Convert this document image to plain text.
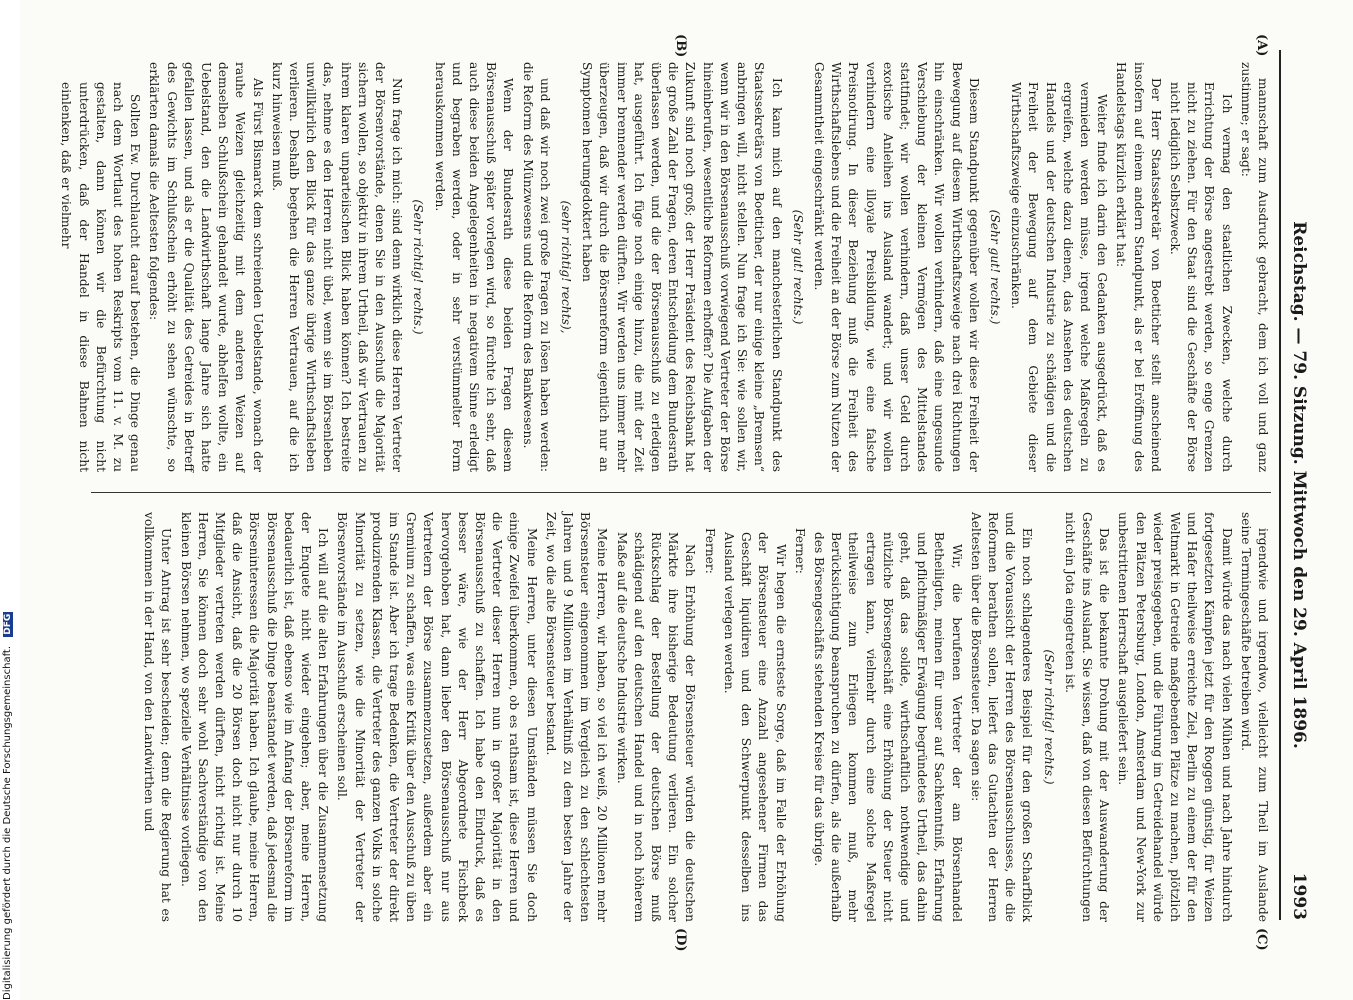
Reichstag. — 79. Sitzung. Mittwoch den 29. April 1896.
1993
(A)
(B)
(C)
(D)

mannschaft zum Ausdruck gebracht, dem ich voll und ganz zustimme; er sagt:

Ich vermag den staatlichen Zwecken, welche durch Errichtung der Börse angestrebt werden, so enge Grenzen nicht zu ziehen. Für den Staat sind die Geschäfte der Börse nicht lediglich Selbstzweck.

Der Herr Staatssekretär von Boetticher stellt anscheinend insofern auf einem andern Standpunkt, als er bei Eröffnung des Handelstags kürzlich erklärt hat:

Weiter finde ich darin den Gedanken ausgedrückt, daß es vermieden werden müsse, irgend welche Maßregeln zu ergreifen, welche dazu dienen, das Ansehen des deutschen Handels und der deutschen Industrie zu schädigen und die Freiheit der Bewegung auf dem Gebiete dieser Wirthschaftszweige einzuschränken.

(Sehr gut! rechts.)

Diesem Standpunkt gegenüber wollen wir diese Freiheit der Bewegung auf diesem Wirthschaftszweige nach drei Richtungen hin einschränken. Wir wollen verhindern, daß eine ungesunde Verschiebung der kleinen Vermögen des Mittelstandes stattfindet; wir wollen verhindern, daß unser Geld durch exotische Anleihen ins Ausland wandert; und wir wollen verhindern eine illoyale Preisbildung, wie eine falsche Preisnotirung. In dieser Beziehung muß die Freiheit des Wirthschaftslebens und die Freiheit an der Börse zum Nutzen der Gesammtheit eingeschränkt werden.

(Sehr gut! rechts.)

Ich kann mich auf den manchesterlichen Standpunkt des Staatssekretärs von Boetticher, der nur einige kleine „Bremsen“ anbringen will, nicht stellen. Nun frage ich Sie: wie sollen wir, wenn wir in den Börsenausschuß vorwiegend Vertreter der Börse hineinberufen, wesentliche Reformen erhoffen? Die Aufgaben der Zukunft sind noch groß; der Herr Präsident des Reichsbank hat die große Zahl der Fragen, deren Entscheidung dem Bundesrath überlassen werden, und die der Börsenausschuß zu erledigen hat, ausgeführt. Ich füge noch einige hinzu, die mit der Zeit immer brennender werden dürften. Wir werden uns immer mehr überzeugen, daß wir durch die Börsenreform eigentlich nur an Symptomen herumgedoktert haben

(sehr richtig! rechts),

und daß wir noch zwei große Fragen zu lösen haben werden: die Reform des Münzwesens und die Reform des Bankwesens.

Wenn der Bundesrath diese beiden Fragen diesem Börsenausschuß später vorlegen wird, so fürchte ich sehr, daß auch diese beiden Angelegenheiten in negativem Sinne erledigt und begraben werden, oder in sehr verstümmelter Form herauskommen werden.

(Sehr richtig! rechts.)

Nun frage ich mich: sind denn wirklich diese Herren Vertreter der Börsenvorstände, denen Sie in den Ausschuß die Majorität sichern wollen, so objektiv in ihrem Urtheil, daß wir Vertrauen zu ihrem klaren unparteiischen Blick haben können? Ich bestreite das, nehme es den Herren nicht übel, wenn sie im Börsenleben unwillkürlich den Blick für das ganze übrige Wirthschaftsleben verlieren. Deshalb begehen die Herren Vertrauen, auf die ich kurz hinweisen muß.

Als Fürst Bismarck dem schreienden Uebelstande, wonach der rauhe Weizen gleichzeitig mit dem anderen Weizen auf demselben Schlußschein gehandelt wurde, abhelfen wollte, ein Uebelstand, den die Landwirthschaft lange Jahre sich hatte gefallen lassen, und als er die Qualität des Getreides in Betreff des Gewichts im Schlußschein erhöht zu sehen wünschte, so erklärten damals die Aeltesten folgendes:

Sollten Ew. Durchlaucht darauf bestehen, die Dinge genau nach dem Wortlaut des hohen Reskripts vom 11. v. M. zu gestalten, dann können wir die Befürchtung nicht unterdrücken, daß der Handel in diese Bahnen nicht einlenken, daß er vielmehr

irgendwie und irgendwo, vielleicht zum Theil im Auslande seine Termingeschäfte betreiben wird.

Damit würde das nach vielen Mühen und nach Jahre hindurch fortgesetzten Kämpfen jetzt für den Roggen günstig, für Weizen und Hafer theilweise erreichte Ziel, Berlin zu einem der für den Weltmarkt in Getreide maßgebenden Plätze zu machen, plötzlich wieder preisgegeben, und die Führung im Getreidehandel würde den Plätzen Petersburg, London, Amsterdam und New-York zur unbestrittenen Herrschaft ausgeliefert sein.

Das ist die bekannte Drohung mit der Auswanderung der Geschäfte ins Ausland. Sie wissen, daß von diesen Befürchtungen nicht ein Jota eingetreten ist.

(Sehr richtig! rechts.)

Ein noch schlagenderes Beispiel für den großen Scharfblick und die Voraussicht der Herren des Börsenausschusses, die die Reformen berathen sollen, liefert das Gutachten der Herren Aeltesten über die Börsensteuer. Da sagen sie:

Wir, die berufenen Vertreter der am Börsenhandel Betheiligten, meinen für unser auf Sachkenntniß, Erfahrung und pflichtmäßiger Erwägung begründetes Urtheil, das dahin geht, daß das solide, wirthschaftlich nothwendige und nützliche Börsengeschäft eine Erhöhung der Steuer nicht ertragen kann, vielmehr durch eine solche Maßregel theilweise zum Erliegen kommen muß, mehr Berücksichtigung beanspruchen zu dürfen, als die außerhalb des Börsengeschäfts stehenden Kreise für das übrige.

Ferner:

Wir hegen die ernsteste Sorge, daß im Falle der Erhöhung der Börsensteuer eine Anzahl angesehener Firmen das Geschäft liquidiren und den Schwerpunkt desselben ins Ausland verlegen werden.

Ferner:

Nach Erhöhung der Börsensteuer würden die deutschen Märkte ihre bisherige Bedeutung verlieren. Ein solcher Rückschlag der Bestellung der deutschen Börse muß schädigend auf den deutschen Handel und in noch höherem Maße auf die deutsche Industrie wirken.

Meine Herren, wir haben, so viel ich weiß, 20 Millionen mehr Börsensteuer eingenommen im Vergleich zu den schlechtesten Jahren und 9 Millionen im Verhältniß zu dem besten Jahre der Zeit, wo die alte Börsensteuer bestand.

Meine Herren, unter diesen Umständen müssen Sie doch einige Zweifel überkommen, ob es rathsam ist, diese Herren und die Vertreter dieser Herren nun in großer Majorität in den Börsenausschuß zu schaffen. Ich habe den Eindruck, daß es besser wäre, wie der Herr Abgeordnete Fischbeck hervorgehoben hat, dann lieber den Börsenausschuß nur aus Vertretern der Börse zusammenzusetzen, außerdem aber ein Gremium zu schaffen, was eine Kritik über den Ausschuß zu üben im Stande ist. Aber ich trage Bedenken, die Vertreter der direkt produzirenden Klassen, die Vertreter des ganzen Volks in solche Minorität zu setzen, wie die Minorität der Vertreter der Börsenvorstände im Ausschuß erscheinen soll.

Ich will auf die alten Erfahrungen über die Zusammensetzung der Enquete nicht wieder eingehen; aber, meine Herren, bedauerlich ist, daß ebenso wie im Anfang der Börsenreform im Börsenausschuß die Dinge beanstandet werden, daß jedesmal die Börseninteressen die Majorität haben. Ich glaube, meine Herren, daß die Ansicht, daß die 20 Börsen doch nicht nur durch 10 Mitglieder vertreten werden dürften, nicht richtig ist. Meine Herren, Sie können doch sehr wohl Sachverständige von den kleinen Börsen nehmen, wo spezielle Verhältnisse vorliegen.

Unter Antrag ist sehr bescheiden; denn die Regierung hat es vollkommen in der Hand, von den Landwirthen und

Digitalisierung gefördert durch die Deutsche Forschungsgemeinschaft. DFG
